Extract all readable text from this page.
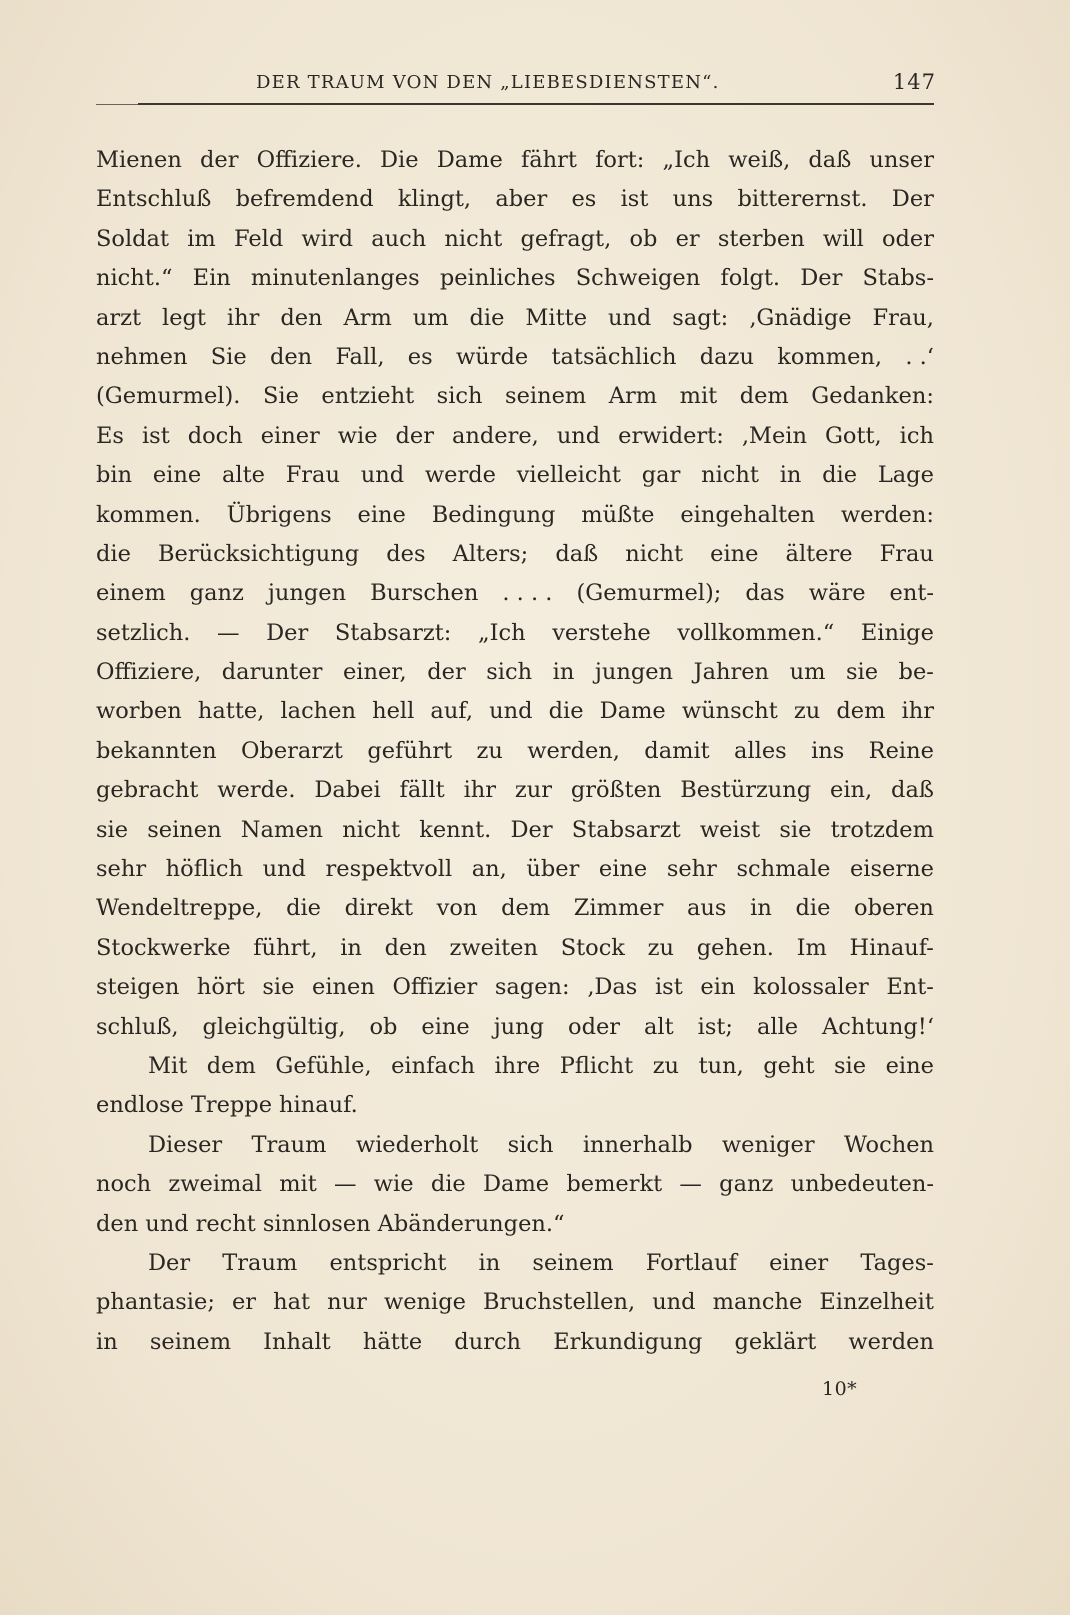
DER TRAUM VON DEN „LIEBESDIENSTEN“.	147
Mienen der Offiziere. Die Dame fährt fort: „Ich weiß, daß unser
Entschluß befremdend klingt, aber es ist uns bitterernst. Der
Soldat im Feld wird auch nicht gefragt, ob er sterben will oder
nicht.“ Ein minutenlanges peinliches Schweigen folgt. Der Stabs-
arzt legt ihr den Arm um die Mitte und sagt: ‚Gnädige Frau,
nehmen Sie den Fall, es würde tatsächlich dazu kommen, . .‘
(Gemurmel). Sie entzieht sich seinem Arm mit dem Gedanken:
Es ist doch einer wie der andere, und erwidert: ‚Mein Gott, ich
bin eine alte Frau und werde vielleicht gar nicht in die Lage
kommen. Übrigens eine Bedingung müßte eingehalten werden:
die Berücksichtigung des Alters; daß nicht eine ältere Frau
einem ganz jungen Burschen . . . . (Gemurmel); das wäre ent-
setzlich. — Der Stabsarzt: „Ich verstehe vollkommen.“ Einige
Offiziere, darunter einer, der sich in jungen Jahren um sie be-
worben hatte, lachen hell auf, und die Dame wünscht zu dem ihr
bekannten Oberarzt geführt zu werden, damit alles ins Reine
gebracht werde. Dabei fällt ihr zur größten Bestürzung ein, daß
sie seinen Namen nicht kennt. Der Stabsarzt weist sie trotzdem
sehr höflich und respektvoll an, über eine sehr schmale eiserne
Wendeltreppe, die direkt von dem Zimmer aus in die oberen
Stockwerke führt, in den zweiten Stock zu gehen. Im Hinauf-
steigen hört sie einen Offizier sagen: ‚Das ist ein kolossaler Ent-
schluß, gleichgültig, ob eine jung oder alt ist; alle Achtung!‘
Mit dem Gefühle, einfach ihre Pflicht zu tun, geht sie eine
endlose Treppe hinauf.
Dieser Traum wiederholt sich innerhalb weniger Wochen
noch zweimal mit — wie die Dame bemerkt — ganz unbedeuten-
den und recht sinnlosen Abänderungen.“
Der Traum entspricht in seinem Fortlauf einer Tages-
phantasie; er hat nur wenige Bruchstellen, und manche Einzelheit
in seinem Inhalt hätte durch Erkundigung geklärt werden
10*
